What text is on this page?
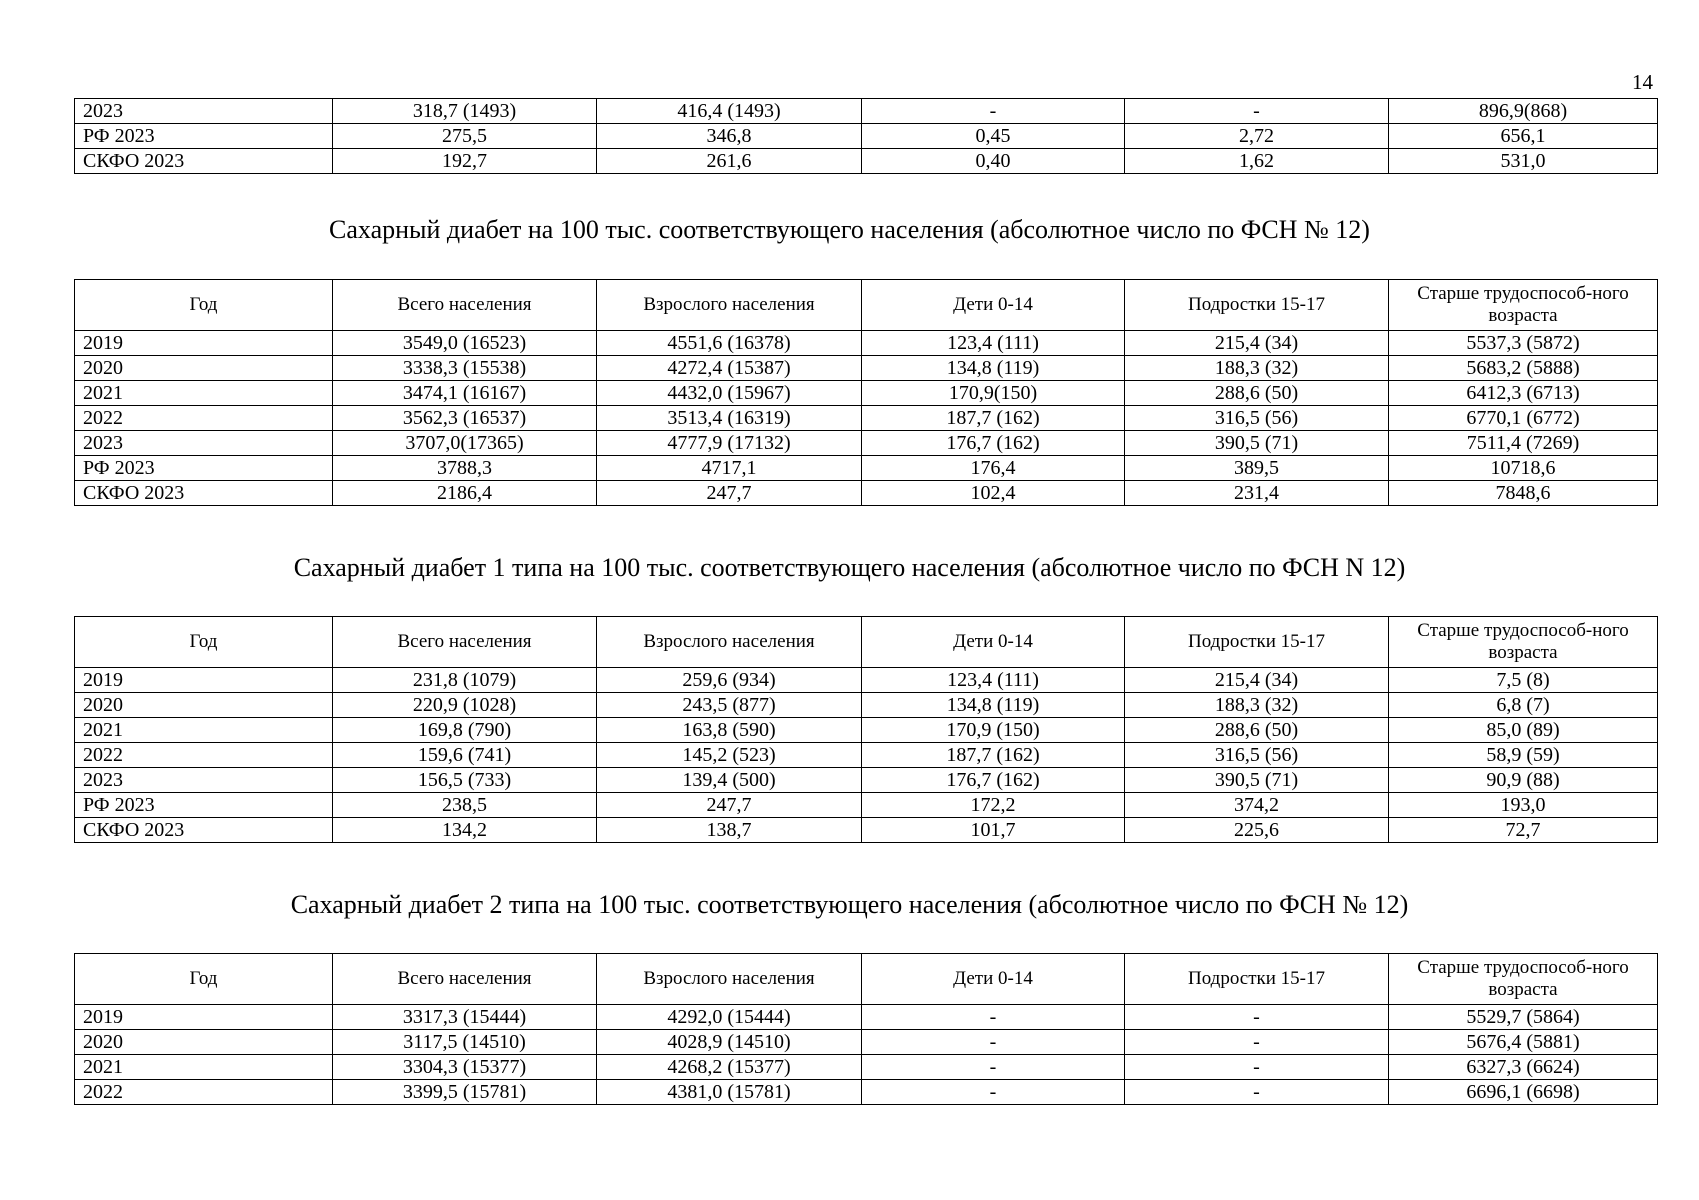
14
2023	318,7 (1493)	416,4 (1493)	-	-	896,9(868)
РФ 2023	275,5	346,8	0,45	2,72	656,1
СКФО 2023	192,7	261,6	0,40	1,62	531,0
Сахарный диабет на 100 тыс. соответствующего населения (абсолютное число по ФСН № 12)
Год	Всего населения	Взрослого населения	Дети 0-14	Подростки 15-17	Старше трудоспособ-ного возраста
2019	3549,0 (16523)	4551,6 (16378)	123,4 (111)	215,4 (34)	5537,3 (5872)
2020	3338,3 (15538)	4272,4 (15387)	134,8 (119)	188,3 (32)	5683,2 (5888)
2021	3474,1 (16167)	4432,0 (15967)	170,9(150)	288,6 (50)	6412,3 (6713)
2022	3562,3 (16537)	3513,4 (16319)	187,7 (162)	316,5 (56)	6770,1 (6772)
2023	3707,0(17365)	4777,9 (17132)	176,7 (162)	390,5 (71)	7511,4 (7269)
РФ 2023	3788,3	4717,1	176,4	389,5	10718,6
СКФО 2023	2186,4	247,7	102,4	231,4	7848,6
Сахарный диабет 1 типа на 100 тыс. соответствующего населения (абсолютное число по ФСН N 12)
Год	Всего населения	Взрослого населения	Дети 0-14	Подростки 15-17	Старше трудоспособ-ного возраста
2019	231,8 (1079)	259,6 (934)	123,4 (111)	215,4 (34)	7,5 (8)
2020	220,9 (1028)	243,5 (877)	134,8 (119)	188,3 (32)	6,8 (7)
2021	169,8 (790)	163,8 (590)	170,9 (150)	288,6 (50)	85,0 (89)
2022	159,6 (741)	145,2 (523)	187,7 (162)	316,5 (56)	58,9 (59)
2023	156,5 (733)	139,4 (500)	176,7 (162)	390,5 (71)	90,9 (88)
РФ 2023	238,5	247,7	172,2	374,2	193,0
СКФО 2023	134,2	138,7	101,7	225,6	72,7
Сахарный диабет 2 типа на 100 тыс. соответствующего населения (абсолютное число по ФСН № 12)
Год	Всего населения	Взрослого населения	Дети 0-14	Подростки 15-17	Старше трудоспособ-ного возраста
2019	3317,3 (15444)	4292,0 (15444)	-	-	5529,7 (5864)
2020	3117,5 (14510)	4028,9 (14510)	-	-	5676,4 (5881)
2021	3304,3 (15377)	4268,2 (15377)	-	-	6327,3 (6624)
2022	3399,5 (15781)	4381,0 (15781)	-	-	6696,1 (6698)
